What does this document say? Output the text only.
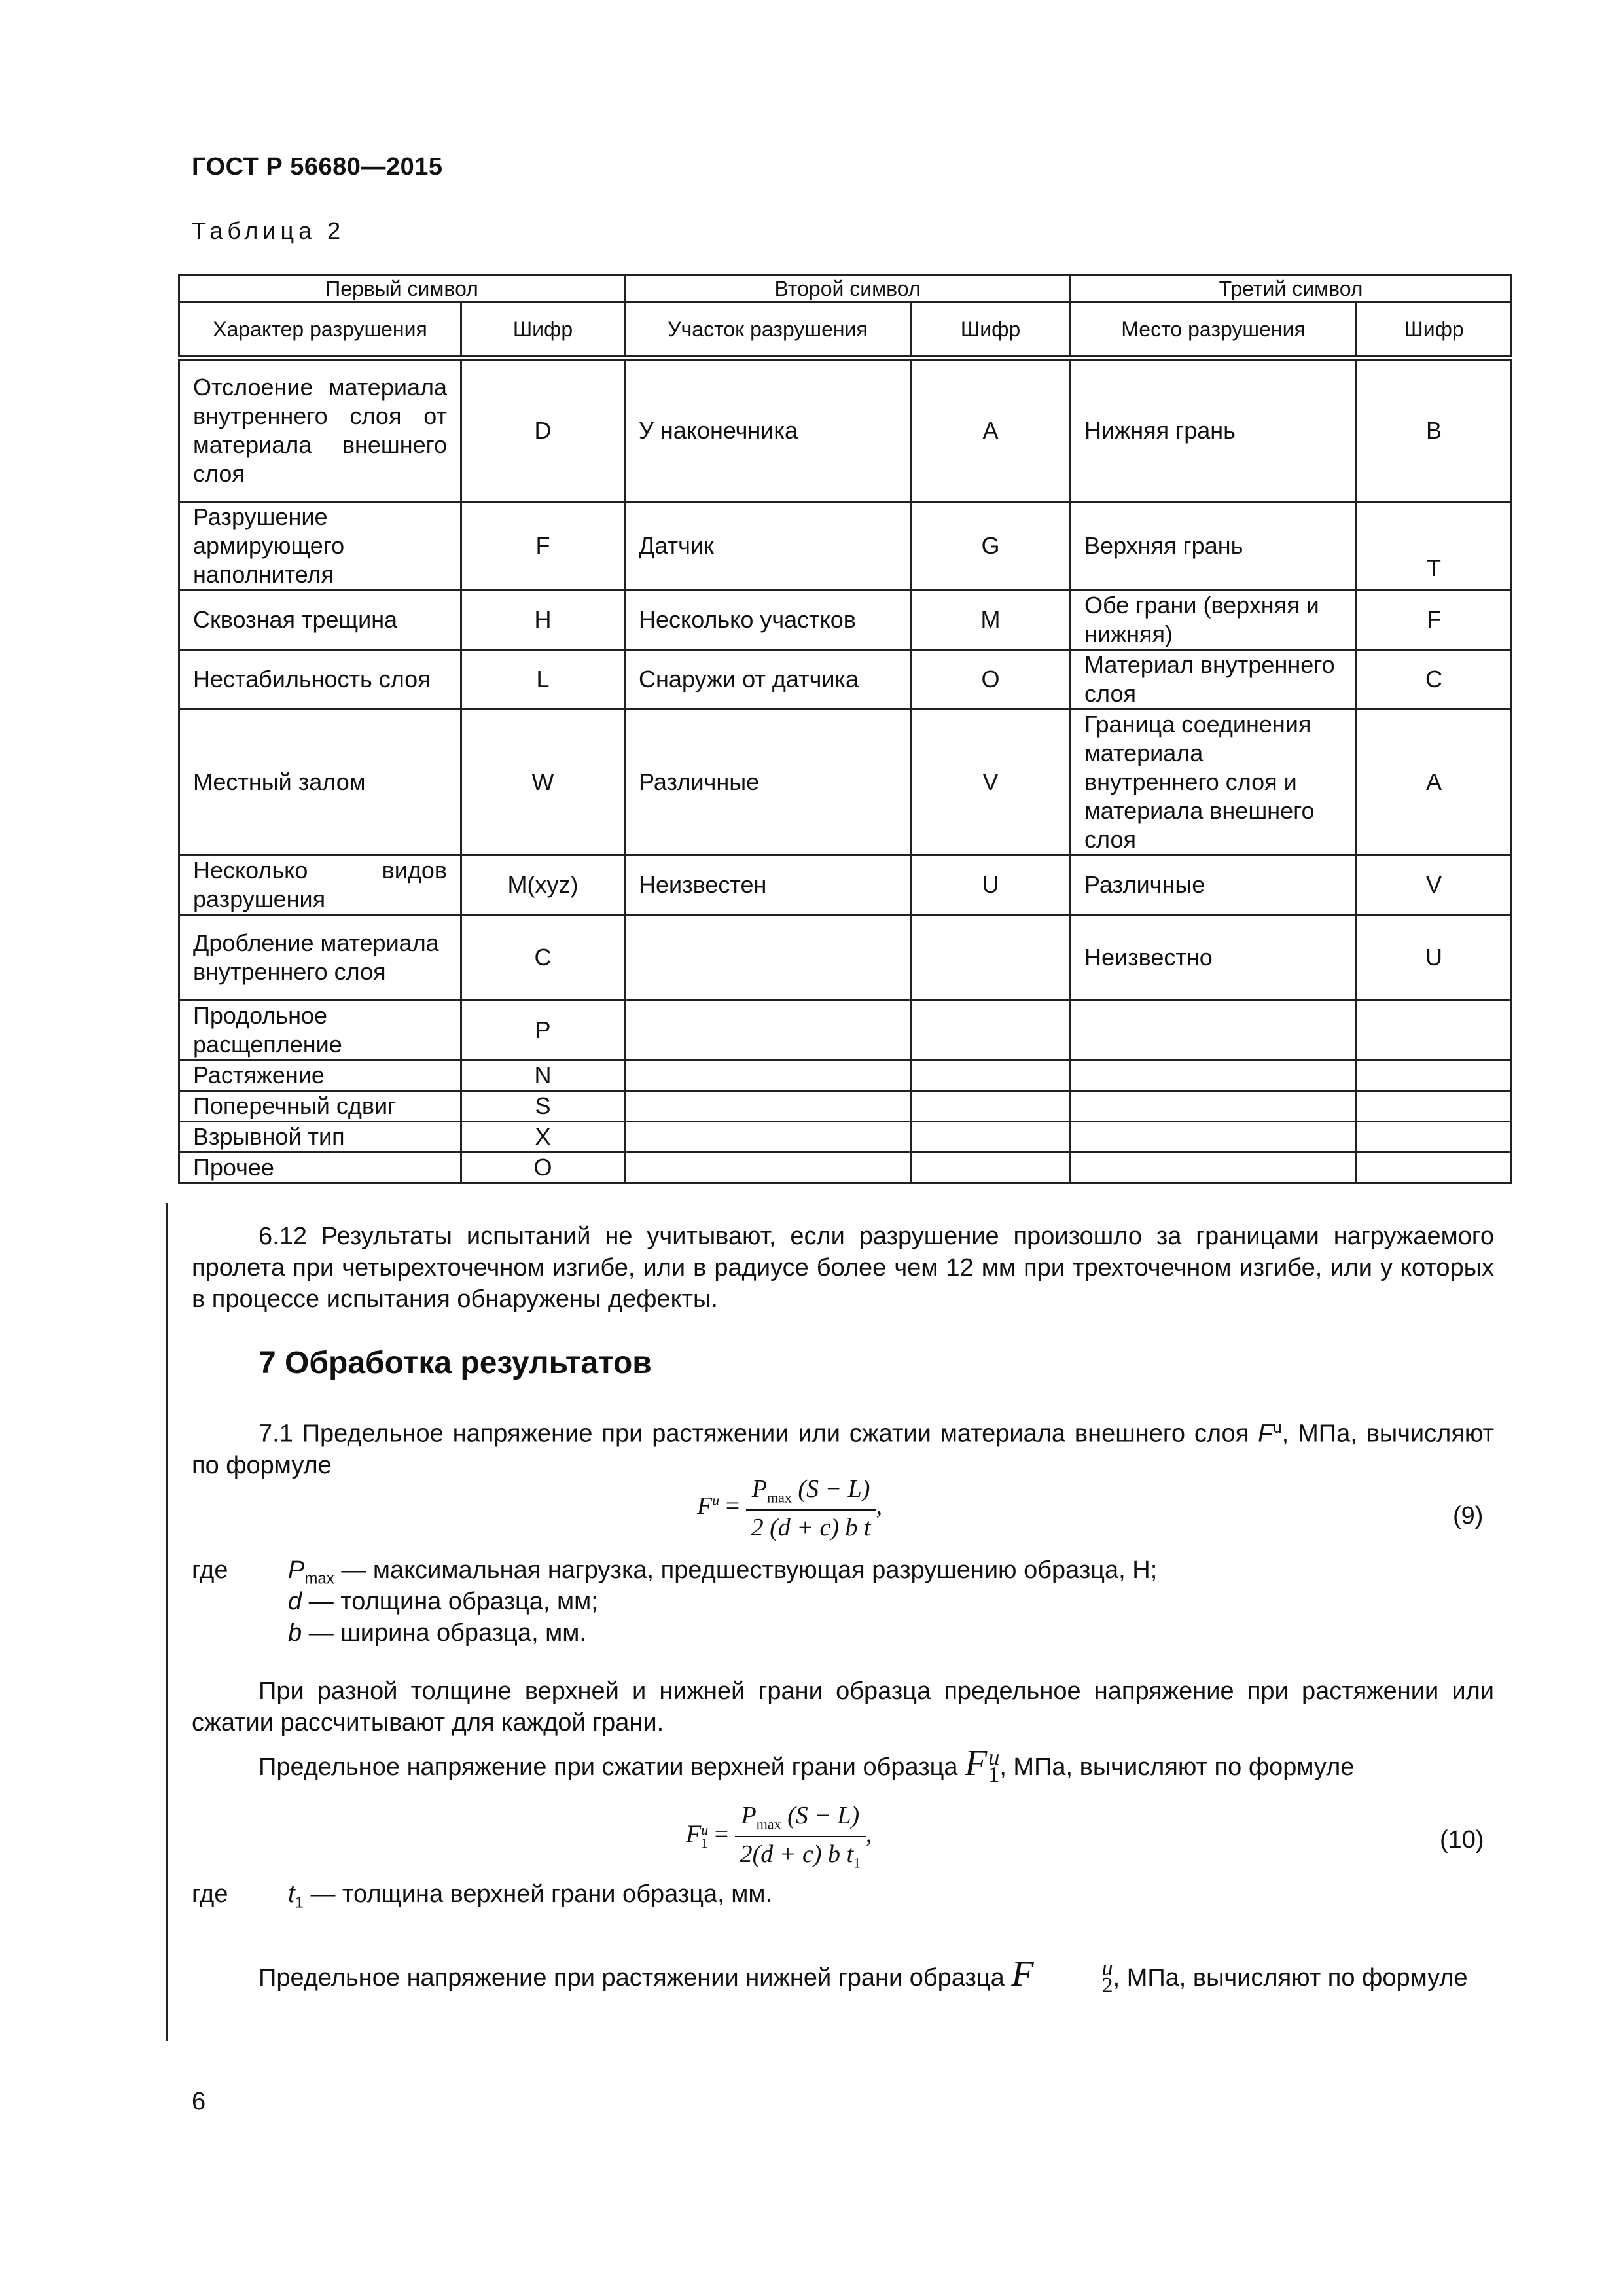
ГОСТ Р 56680—2015
Таблица 2
Первый символ		Второй символ		Третий символ	
Характер разрушения	Шифр	Участок разрушения	Шифр	Место разрушения	Шифр
Отслоение материала внутреннего слоя от материала внешнего слоя	D	У наконечника	A	Нижняя грань	B
Разрушение армирующего наполнителя	F	Датчик	G	Верхняя грань	T
Сквозная трещина	H	Несколько участков	M	Обе грани (верхняя и нижняя)	F
Нестабильность слоя	L	Снаружи от датчика	O	Материал внутреннего слоя	C
Местный залом	W	Различные	V	Граница соединения материала внутреннего слоя и материала внешнего слоя	A
Несколько видов разрушения	M(xyz)	Неизвестен	U	Различные	V
Дробление материала внутреннего слоя	C			Неизвестно	U
Продольное расщепление	P				
Растяжение	N				
Поперечный сдвиг	S				
Взрывной тип	X				
Прочее	O				
6.12 Результаты испытаний не учитывают, если разрушение произошло за границами нагружаемого пролета при четырехточечном изгибе, или в радиусе более чем 12 мм при трехточечном изгибе, или у которых в процессе испытания обнаружены дефекты.
7 Обработка результатов
7.1 Предельное напряжение при растяжении или сжатии материала внешнего слоя $F^u$, МПа, вычисляют по формуле
$F^u = \frac{P_{max} (S - L)}{\text{2 (d + c) b t}}$ ,	(9)
где $P_{max}$ — максимальная нагрузка, предшествующая разрушению образца, Н;
d — толщина образца, мм;
b — ширина образца, мм.
При разной толщине верхней и нижней грани образца предельное напряжение при растяжении или сжатии рассчитывают для каждой грани.
Предельное напряжение при сжатии верхней грани образца F u
1 , МПа, вычисляют по формуле
F u
$1 = \frac{P_{max} (S - L)}{2(d + c) b t_1}$ ,	(10)
где $t_1$ — толщина верхней грани образца, мм.
Предельное напряжение при растяжении нижней грани образца F	u
2 , МПа, вычисляют по формуле
6
